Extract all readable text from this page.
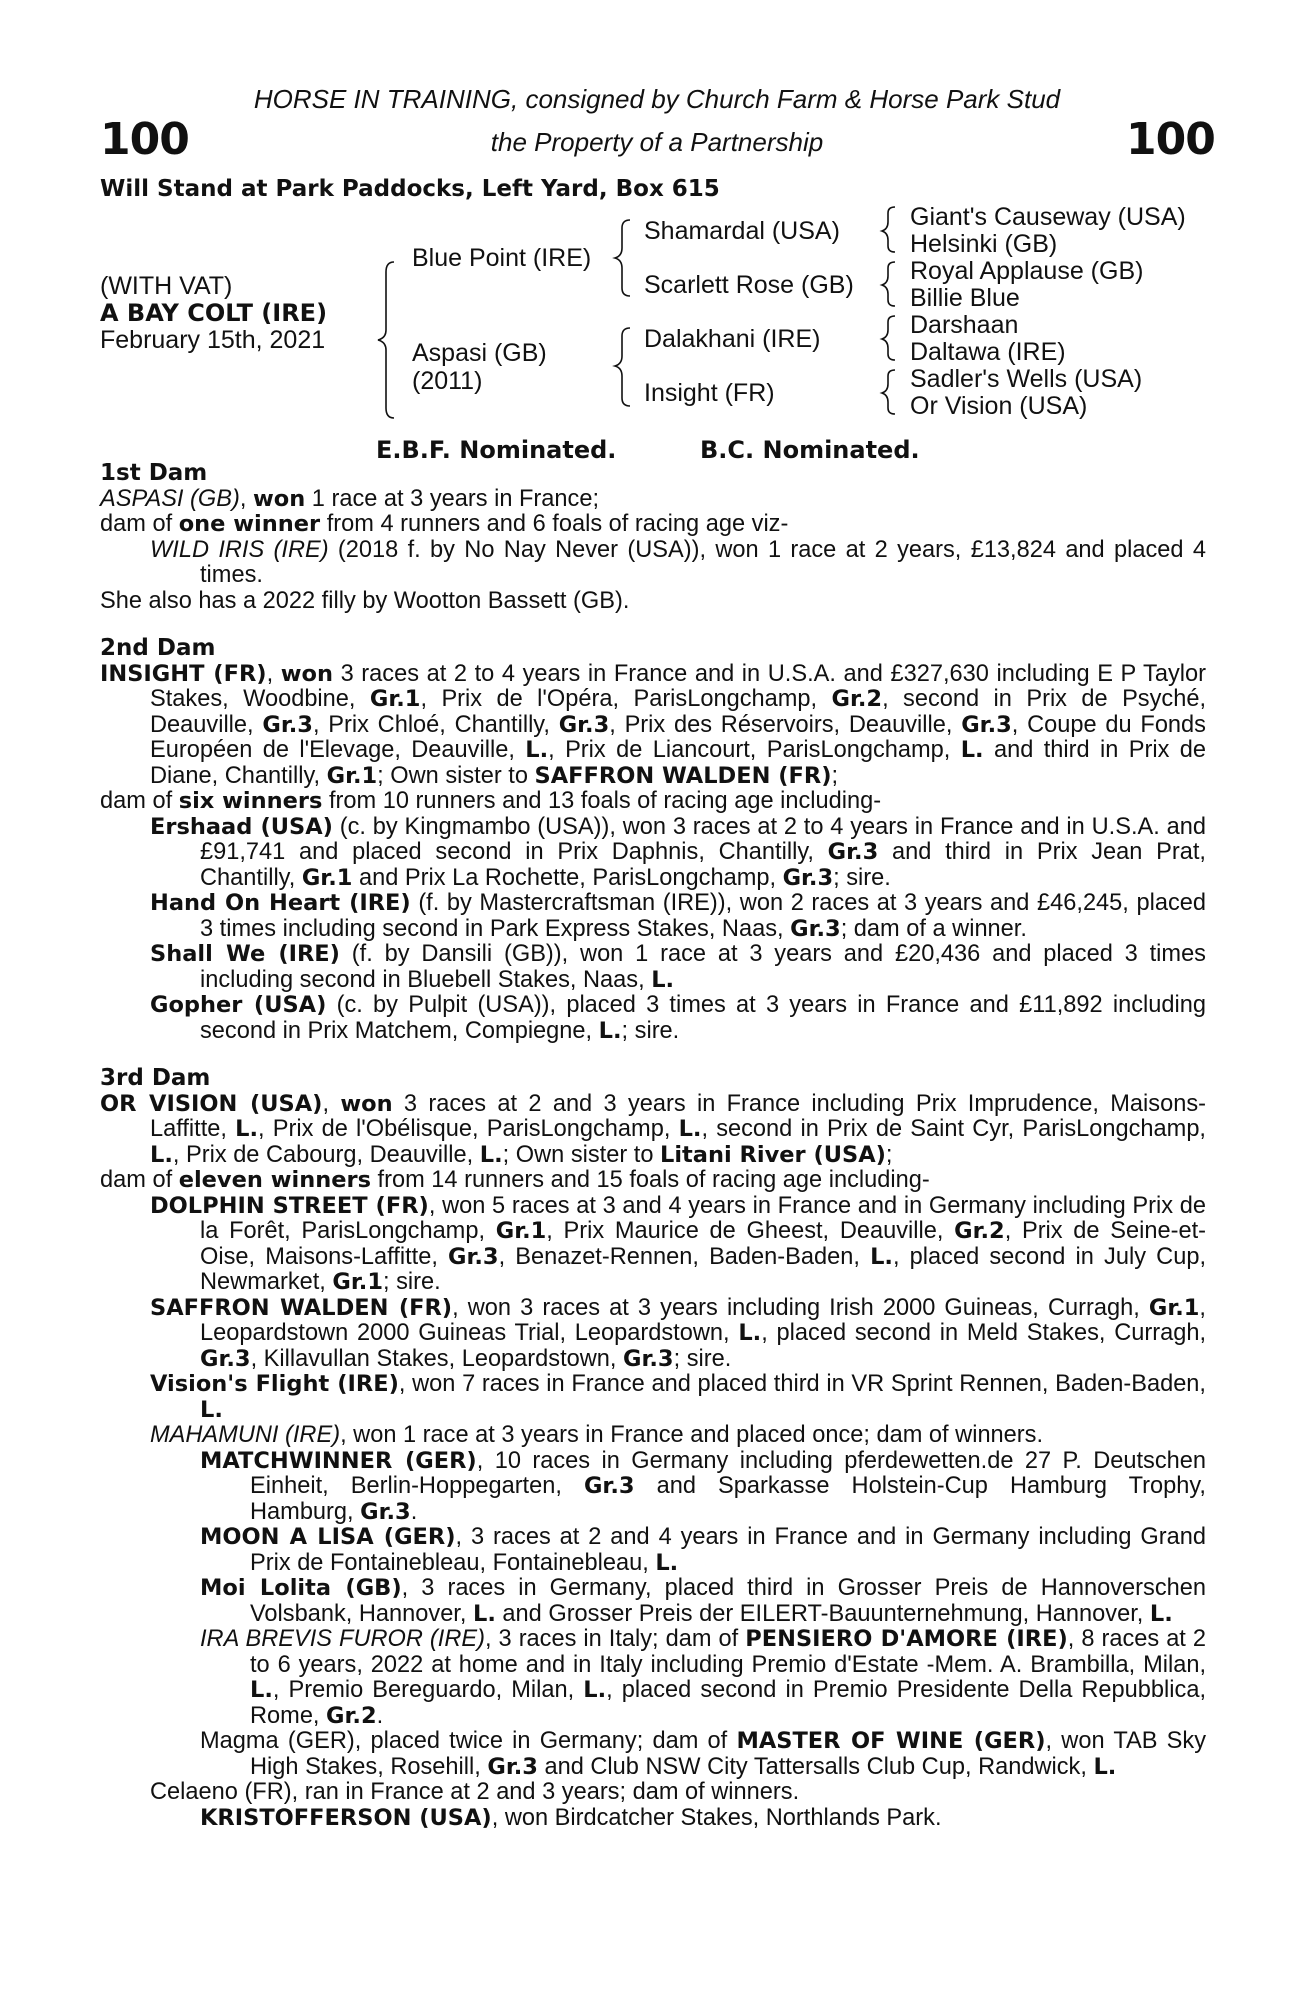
100	100
HORSE IN TRAINING, consigned by Church Farm & Horse Park Stud
the Property of a Partnership
Will Stand at Park Paddocks, Left Yard, Box 615
(WITH VAT)
A BAY COLT (IRE)
February 15th, 2021
Blue Point (IRE)
Aspasi (GB)
(2011)
Shamardal (USA)
Scarlett Rose (GB)
Dalakhani (IRE)
Insight (FR)
Giant's Causeway (USA)
Helsinki (GB)
Royal Applause (GB)
Billie Blue
Darshaan
Daltawa (IRE)
Sadler's Wells (USA)
Or Vision (USA)
E.B.F. Nominated.	B.C. Nominated.
1st Dam
ASPASI (GB), won 1 race at 3 years in France;
dam of one winner from 4 runners and 6 foals of racing age viz-
WILD IRIS (IRE) (2018 f. by No Nay Never (USA)), won 1 race at 2 years, £13,824 and placed 4 times.
She also has a 2022 filly by Wootton Bassett (GB).
2nd Dam
INSIGHT (FR), won 3 races at 2 to 4 years in France and in U.S.A. and £327,630 including E P Taylor Stakes, Woodbine, Gr.1, Prix de l'Opéra, ParisLongchamp, Gr.2, second in Prix de Psyché, Deauville, Gr.3, Prix Chloé, Chantilly, Gr.3, Prix des Réservoirs, Deauville, Gr.3, Coupe du Fonds Européen de l'Elevage, Deauville, L., Prix de Liancourt, ParisLongchamp, L. and third in Prix de Diane, Chantilly, Gr.1; Own sister to SAFFRON WALDEN (FR);
dam of six winners from 10 runners and 13 foals of racing age including-
Ershaad (USA) (c. by Kingmambo (USA)), won 3 races at 2 to 4 years in France and in U.S.A. and £91,741 and placed second in Prix Daphnis, Chantilly, Gr.3 and third in Prix Jean Prat, Chantilly, Gr.1 and Prix La Rochette, ParisLongchamp, Gr.3; sire.
Hand On Heart (IRE) (f. by Mastercraftsman (IRE)), won 2 races at 3 years and £46,245, placed 3 times including second in Park Express Stakes, Naas, Gr.3; dam of a winner.
Shall We (IRE) (f. by Dansili (GB)), won 1 race at 3 years and £20,436 and placed 3 times including second in Bluebell Stakes, Naas, L.
Gopher (USA) (c. by Pulpit (USA)), placed 3 times at 3 years in France and £11,892 including second in Prix Matchem, Compiegne, L.; sire.
3rd Dam
OR VISION (USA), won 3 races at 2 and 3 years in France including Prix Imprudence, Maisons-Laffitte, L., Prix de l'Obélisque, ParisLongchamp, L., second in Prix de Saint Cyr, ParisLongchamp, L., Prix de Cabourg, Deauville, L.; Own sister to Litani River (USA);
dam of eleven winners from 14 runners and 15 foals of racing age including-
DOLPHIN STREET (FR), won 5 races at 3 and 4 years in France and in Germany including Prix de la Forêt, ParisLongchamp, Gr.1, Prix Maurice de Gheest, Deauville, Gr.2, Prix de Seine-et-Oise, Maisons-Laffitte, Gr.3, Benazet-Rennen, Baden-Baden, L., placed second in July Cup, Newmarket, Gr.1; sire.
SAFFRON WALDEN (FR), won 3 races at 3 years including Irish 2000 Guineas, Curragh, Gr.1, Leopardstown 2000 Guineas Trial, Leopardstown, L., placed second in Meld Stakes, Curragh, Gr.3, Killavullan Stakes, Leopardstown, Gr.3; sire.
Vision's Flight (IRE), won 7 races in France and placed third in VR Sprint Rennen, Baden-Baden, L.
MAHAMUNI (IRE), won 1 race at 3 years in France and placed once; dam of winners.
MATCHWINNER (GER), 10 races in Germany including pferdewetten.de 27 P. Deutschen Einheit, Berlin-Hoppegarten, Gr.3 and Sparkasse Holstein-Cup Hamburg Trophy, Hamburg, Gr.3.
MOON A LISA (GER), 3 races at 2 and 4 years in France and in Germany including Grand Prix de Fontainebleau, Fontainebleau, L.
Moi Lolita (GB), 3 races in Germany, placed third in Grosser Preis de Hannoverschen Volsbank, Hannover, L. and Grosser Preis der EILERT-Bauunternehmung, Hannover, L.
IRA BREVIS FUROR (IRE), 3 races in Italy; dam of PENSIERO D'AMORE (IRE), 8 races at 2 to 6 years, 2022 at home and in Italy including Premio d'Estate -Mem. A. Brambilla, Milan, L., Premio Bereguardo, Milan, L., placed second in Premio Presidente Della Repubblica, Rome, Gr.2.
Magma (GER), placed twice in Germany; dam of MASTER OF WINE (GER), won TAB Sky High Stakes, Rosehill, Gr.3 and Club NSW City Tattersalls Club Cup, Randwick, L.
Celaeno (FR), ran in France at 2 and 3 years; dam of winners.
KRISTOFFERSON (USA), won Birdcatcher Stakes, Northlands Park.
